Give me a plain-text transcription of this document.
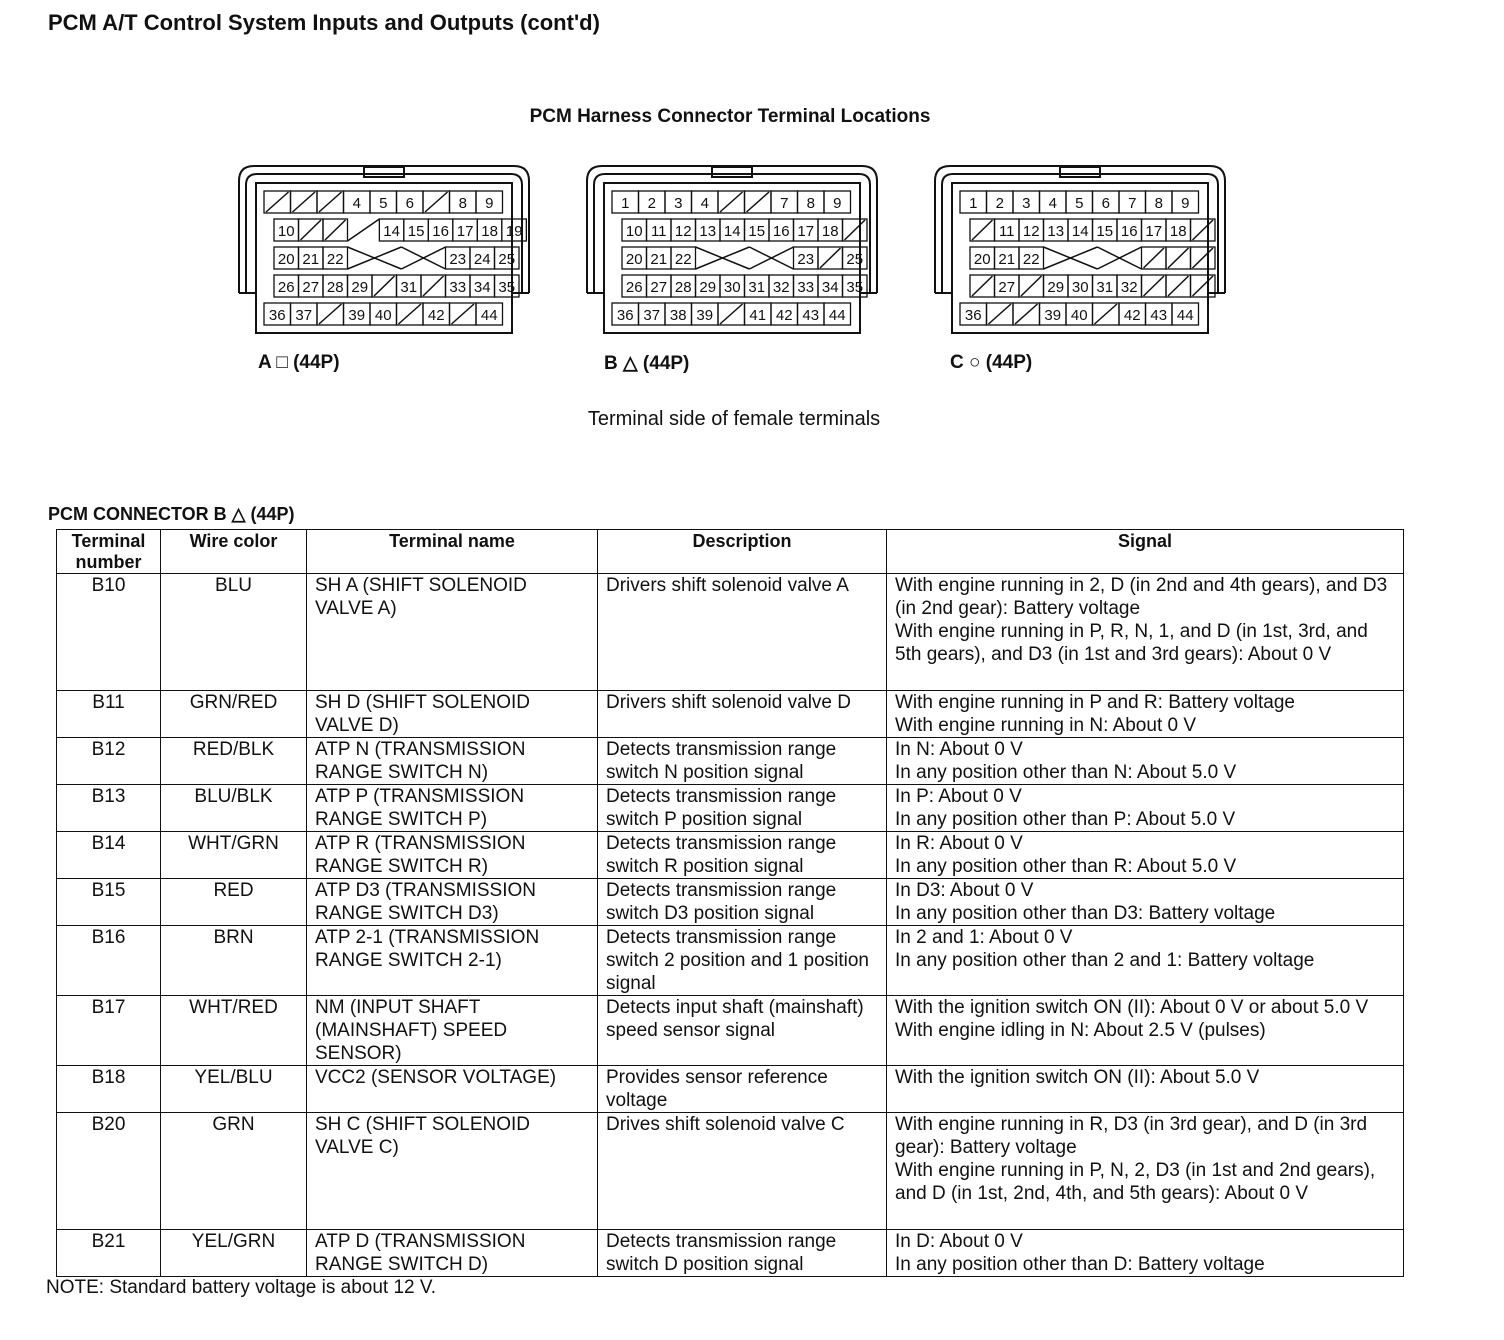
PCM A/T Control System Inputs and Outputs (cont'd)
PCM Harness Connector Terminal Locations
4 5 6	8 9
10	14 15 16 17 18 19
20 21 22	23 24 25
26 27 28 29 31 33 34 35
36 37 39 40 42 44
1 2 3 4	7 8 9
10 11 12 13 14 15 16 17 18
20 21 22	23 25
26 27 28 29 30 31 32 33 34 35
36 37 38 39 41 42 43 44
1 2 3 4 5 6 7 8 9
11 12 13 14 15 16 17 18
20 21 22
27 29 30 31 32
36	39 40 42 43 44
A □ (44P)	B △ (44P)	C ○ (44P)
Terminal side of female terminals
PCM CONNECTOR B △ (44P)
Terminal number	Wire color	Terminal name	Description	Signal
B10	BLU	SH A (SHIFT SOLENOID VALVE A)	Drivers shift solenoid valve A	With engine running in 2, D (in 2nd and 4th gears), and D3 (in 2nd gear): Battery voltage
With engine running in P, R, N, 1, and D (in 1st, 3rd, and 5th gears), and D3 (in 1st and 3rd gears): About 0 V

B11	GRN/RED	SH D (SHIFT SOLENOID VALVE D)	Drivers shift solenoid valve D	With engine running in P and R: Battery voltage
With engine running in N: About 0 V

B12	RED/BLK	ATP N (TRANSMISSION RANGE SWITCH N)	Detects transmission range switch N position signal	In N: About 0 V
In any position other than N: About 5.0 V

B13	BLU/BLK	ATP P (TRANSMISSION RANGE SWITCH P)	Detects transmission range switch P position signal	In P: About 0 V
In any position other than P: About 5.0 V

B14	WHT/GRN	ATP R (TRANSMISSION RANGE SWITCH R)	Detects transmission range switch R position signal	In R: About 0 V
In any position other than R: About 5.0 V

B15	RED	ATP D3 (TRANSMISSION RANGE SWITCH D3)	Detects transmission range switch D3 position signal	In D3: About 0 V
In any position other than D3: Battery voltage

B16	BRN	ATP 2-1 (TRANSMISSION RANGE SWITCH 2-1)	Detects transmission range switch 2 position and 1 position signal	In 2 and 1: About 0 V
In any position other than 2 and 1: Battery voltage

B17	WHT/RED	NM (INPUT SHAFT (MAINSHAFT) SPEED SENSOR)	Detects input shaft (mainshaft) speed sensor signal	With the ignition switch ON (II): About 0 V or about 5.0 V
With engine idling in N: About 2.5 V (pulses)

B18	YEL/BLU	VCC2 (SENSOR VOLTAGE)	Provides sensor reference voltage	With the ignition switch ON (II): About 5.0 V

B20	GRN	SH C (SHIFT SOLENOID VALVE C)	Drives shift solenoid valve C	With engine running in R, D3 (in 3rd gear), and D (in 3rd gear): Battery voltage
With engine running in P, N, 2, D3 (in 1st and 2nd gears), and D (in 1st, 2nd, 4th, and 5th gears): About 0 V

B21	YEL/GRN	ATP D (TRANSMISSION RANGE SWITCH D)	Detects transmission range switch D position signal	In D: About 0 V
In any position other than D: Battery voltage
NOTE: Standard battery voltage is about 12 V.
